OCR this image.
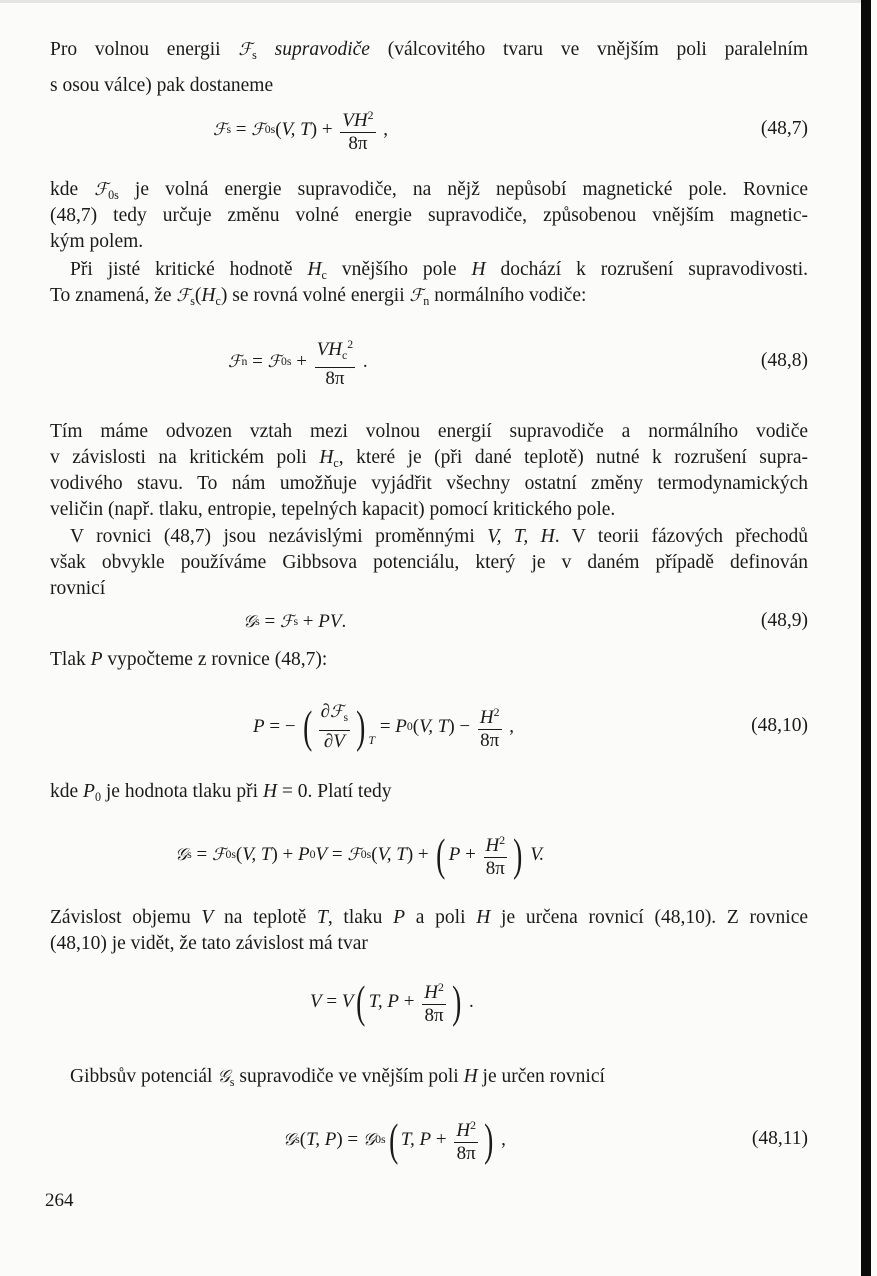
Pro volnou energii ℱ$_s$ supravodiče (válcovitého tvaru ve vnějším poli paralelním
s osou válce) pak dostaneme
kde ℱ$_{0s}$ je volná energie supravodiče, na nějž nepůsobí magnetické pole. Rovnice
(48,7) tedy určuje změnu volné energie supravodiče, způsobenou vnějším magnetic-
kým polem.
Při jisté kritické hodnotě $H_c$ vnějšího pole H dochází k rozrušení supravodivosti.
To znamená, že $ℱ_s(H_c)$ se rovná volné energii ℱ$_n$ normálního vodiče:
Tím máme odvozen vztah mezi volnou energií supravodiče a normálního vodiče
v závislosti na kritickém poli $H_c$, které je (při dané teplotě) nutné k rozrušení supra-
vodivého stavu. To nám umožňuje vyjádřit všechny ostatní změny termodynamických
veličin (např. tlaku, entropie, tepelných kapacit) pomocí kritického pole.
V rovnici (48,7) jsou nezávislými proměnnými V, T, H. V teorii fázových přechodů
však obvykle používáme Gibbsova potenciálu, který je v daném případě definován
rovnicí
Tlak P vypočteme z rovnice (48,7):
kde $P_0$ je hodnota tlaku při H = 0. Platí tedy
Závislost objemu V na teplotě T, tlaku P a poli H je určena rovnicí (48,10). Z rovnice
(48,10) je vidět, že tato závislost má tvar
Gibbsův potenciál 𝒢$_s$ supravodiče ve vnějším poli H je určen rovnicí
ℱ s = ℱ 0s ( V, T ) + $\frac{VH^2}{8\pi}$ ,	(48,7)
ℱ n = ℱ $0s + \frac{VH_c^2}{8\pi}$ .	(48,8)
𝒢 s = ℱ s + PV .	(48,9)
P = − ( $\frac{\partial ℱ_s}{\partial V}$ ) T
= P 0 ( V, T ) − $\frac{H^2}{8\pi}$ ,	(48,10)
𝒢 s = ℱ 0s ( V, T ) + P 0 V = ℱ 0s ( V, T ) + ( $P + \frac{H^2}{8\pi}$ ) V.
V = V ( T, $P + \frac{H^2}{8\pi}$ ) .
𝒢 s ( T, P ) = 𝒢 0s ( T, $P + \frac{H^2}{8\pi}$ ) ,	(48,11)
264
